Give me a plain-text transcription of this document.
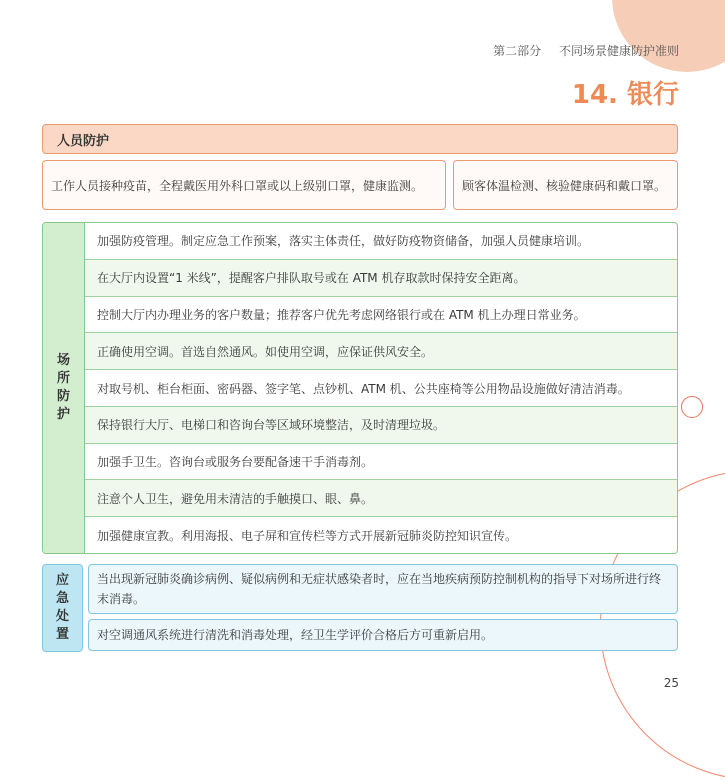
第二部分 不同场景健康防护准则
14. 银行
人员防护
工作人员接种疫苗，全程戴医用外科口罩或以上级别口罩，健康监测。	顾客体温检测、核验健康码和戴口罩。
场
所
防
护
加强防疫管理。制定应急工作预案，落实主体责任，做好防疫物资储备，加强人员健康培训。
在大厅内设置“1 米线”，提醒客户排队取号或在 ATM 机存取款时保持安全距离。
控制大厅内办理业务的客户数量；推荐客户优先考虑网络银行或在 ATM 机上办理日常业务。
正确使用空调。首选自然通风。如使用空调，应保证供风安全。
对取号机、柜台柜面、密码器、签字笔、点钞机、ATM 机、公共座椅等公用物品设施做好清洁消毒。
保持银行大厅、电梯口和咨询台等区域环境整洁，及时清理垃圾。
加强手卫生。咨询台或服务台要配备速干手消毒剂。
注意个人卫生，避免用未清洁的手触摸口、眼、鼻。
加强健康宣教。利用海报、电子屏和宣传栏等方式开展新冠肺炎防控知识宣传。
应
急
处
置
当出现新冠肺炎确诊病例、疑似病例和无症状感染者时，应在当地疾病预防控制机构的指导下对场所进行终末消毒。
对空调通风系统进行清洗和消毒处理，经卫生学评价合格后方可重新启用。
25
